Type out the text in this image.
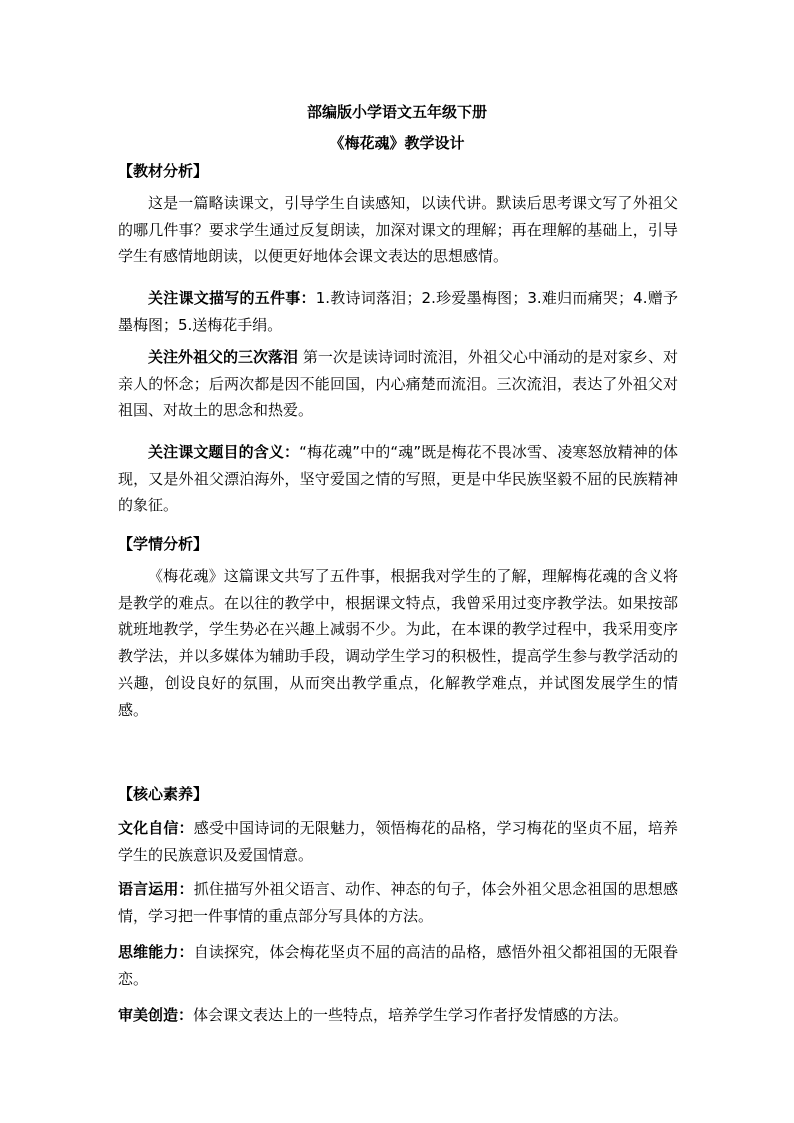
部编版小学语文五年级下册
《梅花魂》教学设计
【教材分析】
这是一篇略读课文，引导学生自读感知，以读代讲。默读后思考课文写了外祖父的哪几件事？要求学生通过反复朗读，加深对课文的理解；再在理解的基础上，引导学生有感情地朗读，以便更好地体会课文表达的思想感情。
关注课文描写的五件事：1.教诗词落泪；2.珍爱墨梅图；3.难归而痛哭；4.赠予墨梅图；5.送梅花手绢。
关注外祖父的三次落泪 第一次是读诗词时流泪，外祖父心中涌动的是对家乡、对亲人的怀念；后两次都是因不能回国，内心痛楚而流泪。三次流泪，表达了外祖父对祖国、对故土的思念和热爱。
关注课文题目的含义：“梅花魂”中的“魂”既是梅花不畏冰雪、凌寒怒放精神的体现，又是外祖父漂泊海外，坚守爱国之情的写照，更是中华民族坚毅不屈的民族精神的象征。
【学情分析】
《梅花魂》这篇课文共写了五件事，根据我对学生的了解，理解梅花魂的含义将是教学的难点。在以往的教学中，根据课文特点，我曾采用过变序教学法。如果按部就班地教学，学生势必在兴趣上减弱不少。为此，在本课的教学过程中，我采用变序教学法，并以多媒体为辅助手段，调动学生学习的积极性，提高学生参与教学活动的兴趣，创设良好的氛围，从而突出教学重点，化解教学难点，并试图发展学生的情感。
【核心素养】
文化自信：感受中国诗词的无限魅力，领悟梅花的品格，学习梅花的坚贞不屈，培养学生的民族意识及爱国情意。
语言运用：抓住描写外祖父语言、动作、神态的句子，体会外祖父思念祖国的思想感情，学习把一件事情的重点部分写具体的方法。
思维能力：自读探究，体会梅花坚贞不屈的高洁的品格，感悟外祖父都祖国的无限眷恋。
审美创造：体会课文表达上的一些特点，培养学生学习作者抒发情感的方法。
